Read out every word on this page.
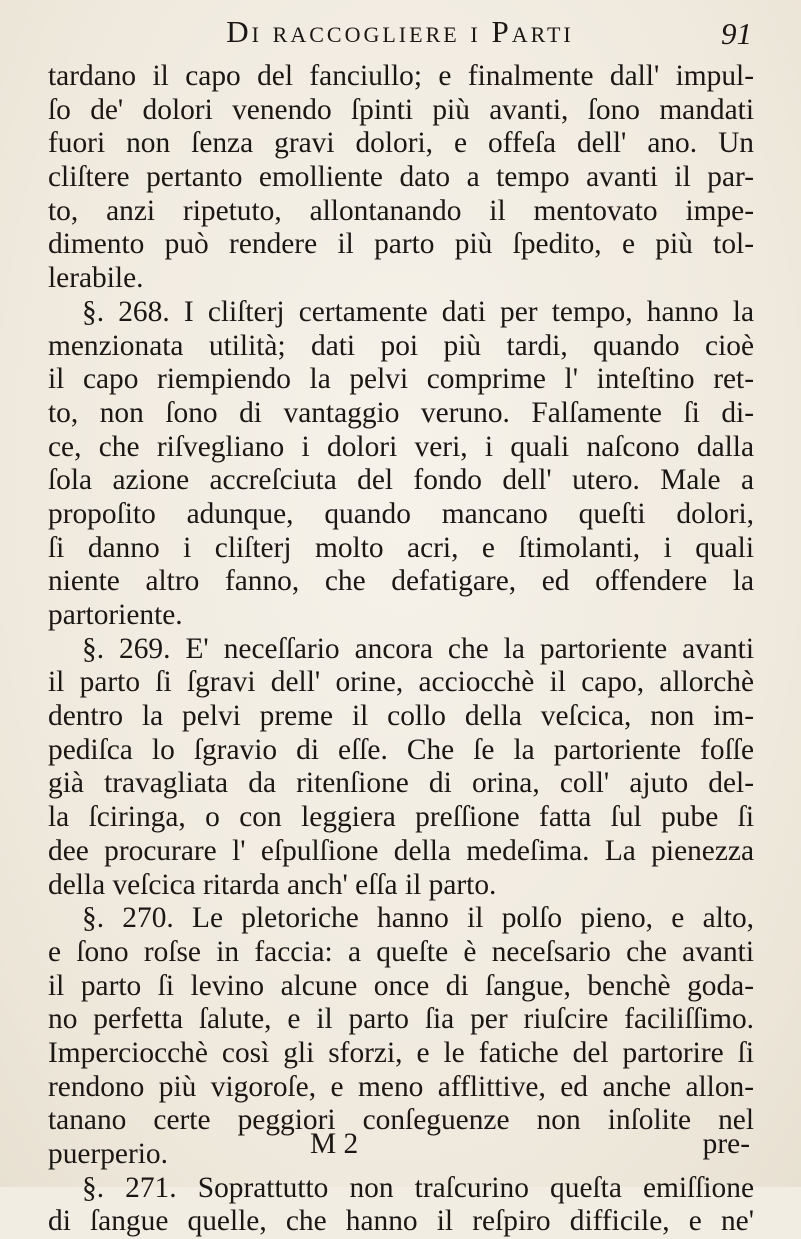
Di raccogliere i Parti	91
tardano il capo del fanciullo; e finalmente dall' impul-
ſo de' dolori venendo ſpinti più avanti, ſono mandati
fuori non ſenza gravi dolori, e offeſa dell' ano. Un
cliſtere pertanto emolliente dato a tempo avanti il par-
to, anzi ripetuto, allontanando il mentovato impe-
dimento può rendere il parto più ſpedito, e più tol-
lerabile.
§. 268. I cliſterj certamente dati per tempo, hanno la
menzionata utilità; dati poi più tardi, quando cioè
il capo riempiendo la pelvi comprime l' inteſtino ret-
to, non ſono di vantaggio veruno. Falſamente ſi di-
ce, che riſvegliano i dolori veri, i quali naſcono dalla
ſola azione accreſciuta del fondo dell' utero. Male a
propoſito adunque, quando mancano queſti dolori,
ſi danno i cliſterj molto acri, e ſtimolanti, i quali
niente altro fanno, che defatigare, ed offendere la
partoriente.
§. 269. E' neceſſario ancora che la partoriente avanti
il parto ſi ſgravi dell' orine, acciocchè il capo, allorchè
dentro la pelvi preme il collo della veſcica, non im-
pediſca lo ſgravio di eſſe. Che ſe la partoriente foſſe
già travagliata da ritenſione di orina, coll' ajuto del-
la ſciringa, o con leggiera preſſione fatta ſul pube ſi
dee procurare l' eſpulſione della medeſima. La pienezza
della veſcica ritarda anch' eſſa il parto.
§. 270. Le pletoriche hanno il polſo pieno, e alto,
e ſono roſse in faccia: a queſte è neceſsario che avanti
il parto ſi levino alcune once di ſangue, benchè goda-
no perfetta ſalute, e il parto ſia per riuſcire faciliſſimo.
Imperciocchè così gli sforzi, e le fatiche del partorire ſi
rendono più vigoroſe, e meno afflittive, ed anche allon-
tanano certe peggiori conſeguenze non inſolite nel
puerperio.
§. 271. Soprattutto non traſcurino queſta emiſſione
di ſangue quelle, che hanno il reſpiro difficile, e ne'
M 2	pre-
